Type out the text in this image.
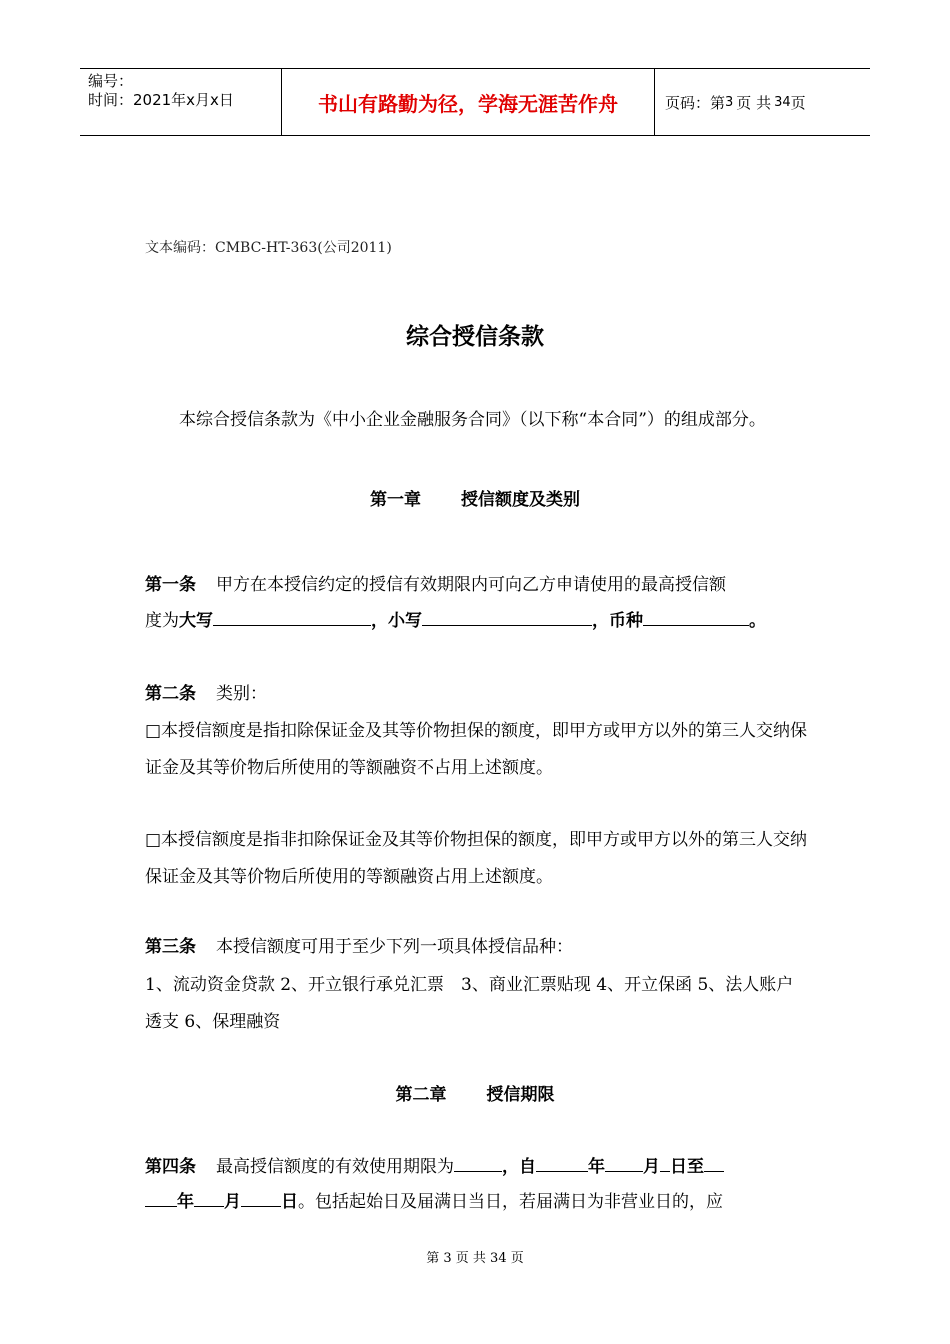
编号：
时间：2021年x月x日	书山有路勤为径，学海无涯苦作舟	页码：第 3 页 共 34 页
文本编码：CMBC-HT-363(公司2011)
综合授信条款
本综合授信条款为《中小企业金融服务合同》（以下称“本合同”）的组成部分。
第一章 授信额度及类别
第一条 甲方在本授信约定的授信有效期限内可向乙方申请使用的最高授信额
度为大写	，小写	，币种	。
第二条 类别：
□本授信额度是指扣除保证金及其等价物担保的额度，即甲方或甲方以外的第三人交纳保证金及其等价物后所使用的等额融资不占用上述额度。
□本授信额度是指非扣除保证金及其等价物担保的额度，即甲方或甲方以外的第三人交纳保证金及其等价物后所使用的等额融资占用上述额度。
第三条 本授信额度可用于至少下列一项具体授信品种：
1、流动资金贷款 2、开立银行承兑汇票　3、商业汇票贴现 4、开立保函 5、法人账户透支 6、保理融资
第二章 授信期限
第四条 最高授信额度的有效使用期限为	，自	年 月 日至
年 月 日。包括起始日及届满日当日，若届满日为非营业日的，应
第 3 页 共 34 页
